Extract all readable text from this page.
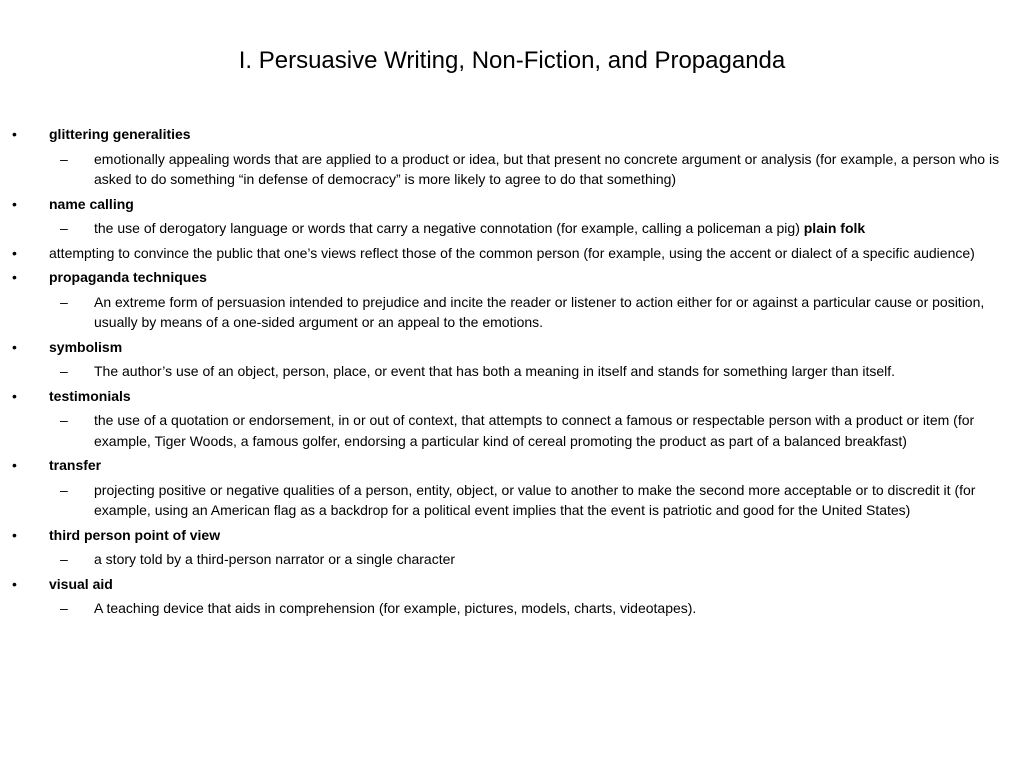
I. Persuasive Writing, Non-Fiction, and Propaganda
• glittering generalities
– emotionally appealing words that are applied to a product or idea, but that present no concrete argument or analysis (for example, a person who is asked to do something “in defense of democracy” is more likely to agree to do that something)
• name calling
– the use of derogatory language or words that carry a negative connotation (for example, calling a policeman a pig) plain folk
• attempting to convince the public that one’s views reflect those of the common person (for example, using the accent or dialect of a specific audience)
• propaganda techniques
– An extreme form of persuasion intended to prejudice and incite the reader or listener to action either for or against a particular cause or position, usually by means of a one-sided argument or an appeal to the emotions.
• symbolism
– The author’s use of an object, person, place, or event that has both a meaning in itself and stands for something larger than itself.
• testimonials
– the use of a quotation or endorsement, in or out of context, that attempts to connect a famous or respectable person with a product or item (for example, Tiger Woods, a famous golfer, endorsing a particular kind of cereal promoting the product as part of a balanced breakfast)
• transfer
– projecting positive or negative qualities of a person, entity, object, or value to another to make the second more acceptable or to discredit it (for example, using an American flag as a backdrop for a political event implies that the event is patriotic and good for the United States)
• third person point of view
– a story told by a third-person narrator or a single character
• visual aid
– A teaching device that aids in comprehension (for example, pictures, models, charts, videotapes).
